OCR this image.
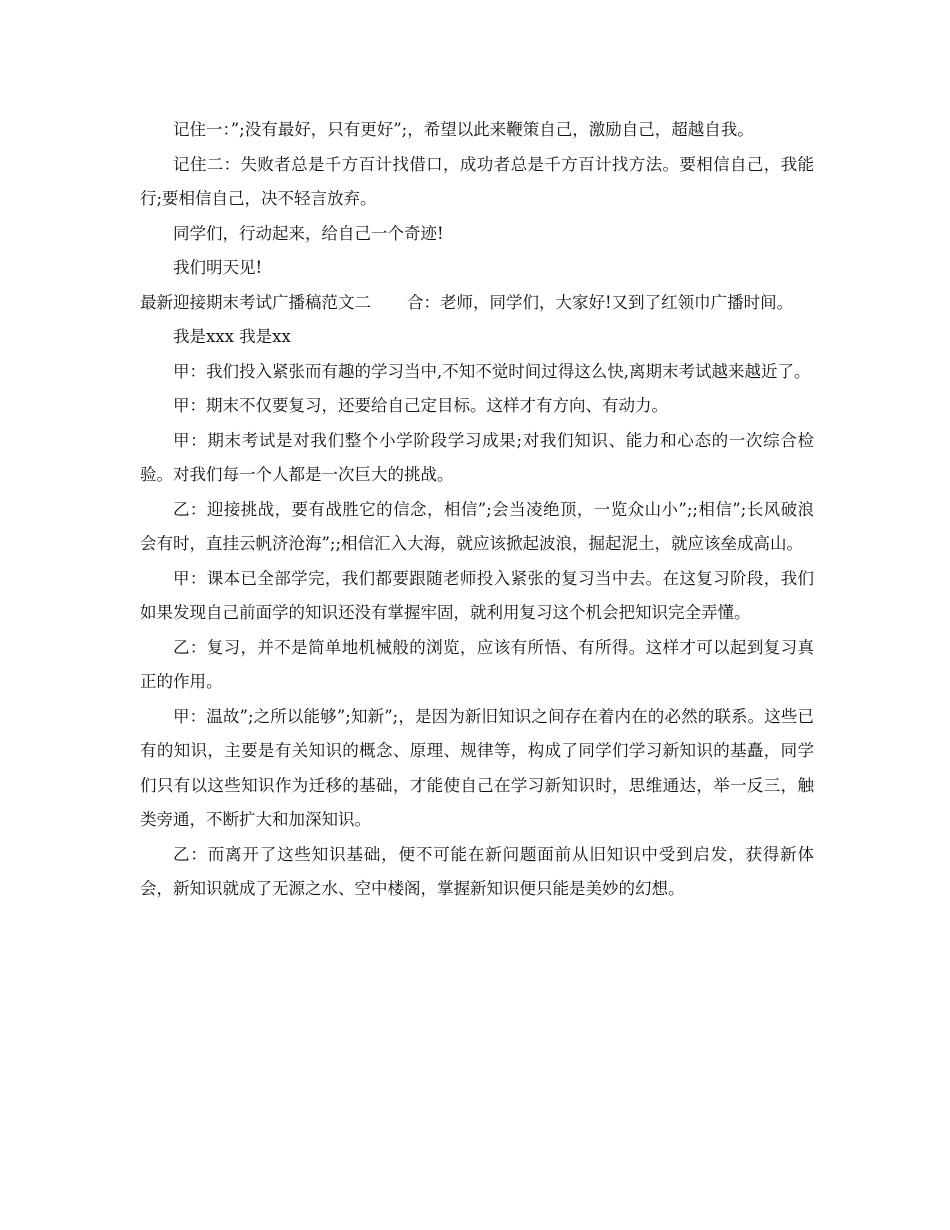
记住一：”;没有最好，只有更好”;，希望以此来鞭策自己，激励自己，超越自我。

记住二：失败者总是千方百计找借口，成功者总是千方百计找方法。要相信自己，我能行;要相信自己，决不轻言放弃。

同学们，行动起来，给自己一个奇迹!

我们明天见!

最新迎接期末考试广播稿范文二 合：老师，同学们，大家好!又到了红领巾广播时间。

我是xxx 我是xx

甲：我们投入紧张而有趣的学习当中,不知不觉时间过得这么快,离期末考试越来越近了。

甲：期末不仅要复习，还要给自己定目标。这样才有方向、有动力。

甲：期末考试是对我们整个小学阶段学习成果;对我们知识、能力和心态的一次综合检验。对我们每一个人都是一次巨大的挑战。

乙：迎接挑战，要有战胜它的信念，相信”;会当凌绝顶，一览众山小”;;相信”;长风破浪会有时，直挂云帆济沧海”;;相信汇入大海，就应该掀起波浪，掘起泥土，就应该垒成高山。

甲：课本已全部学完，我们都要跟随老师投入紧张的复习当中去。在这复习阶段，我们如果发现自己前面学的知识还没有掌握牢固，就利用复习这个机会把知识完全弄懂。

乙：复习，并不是简单地机械般的浏览，应该有所悟、有所得。这样才可以起到复习真正的作用。

甲：温故”;之所以能够”;知新”;，是因为新旧知识之间存在着内在的必然的联系。这些已有的知识，主要是有关知识的概念、原理、规律等，构成了同学们学习新知识的基矗，同学们只有以这些知识作为迁移的基础，才能使自己在学习新知识时，思维通达，举一反三，触类旁通，不断扩大和加深知识。

乙：而离开了这些知识基础，便不可能在新问题面前从旧知识中受到启发，获得新体会，新知识就成了无源之水、空中楼阁，掌握新知识便只能是美妙的幻想。
